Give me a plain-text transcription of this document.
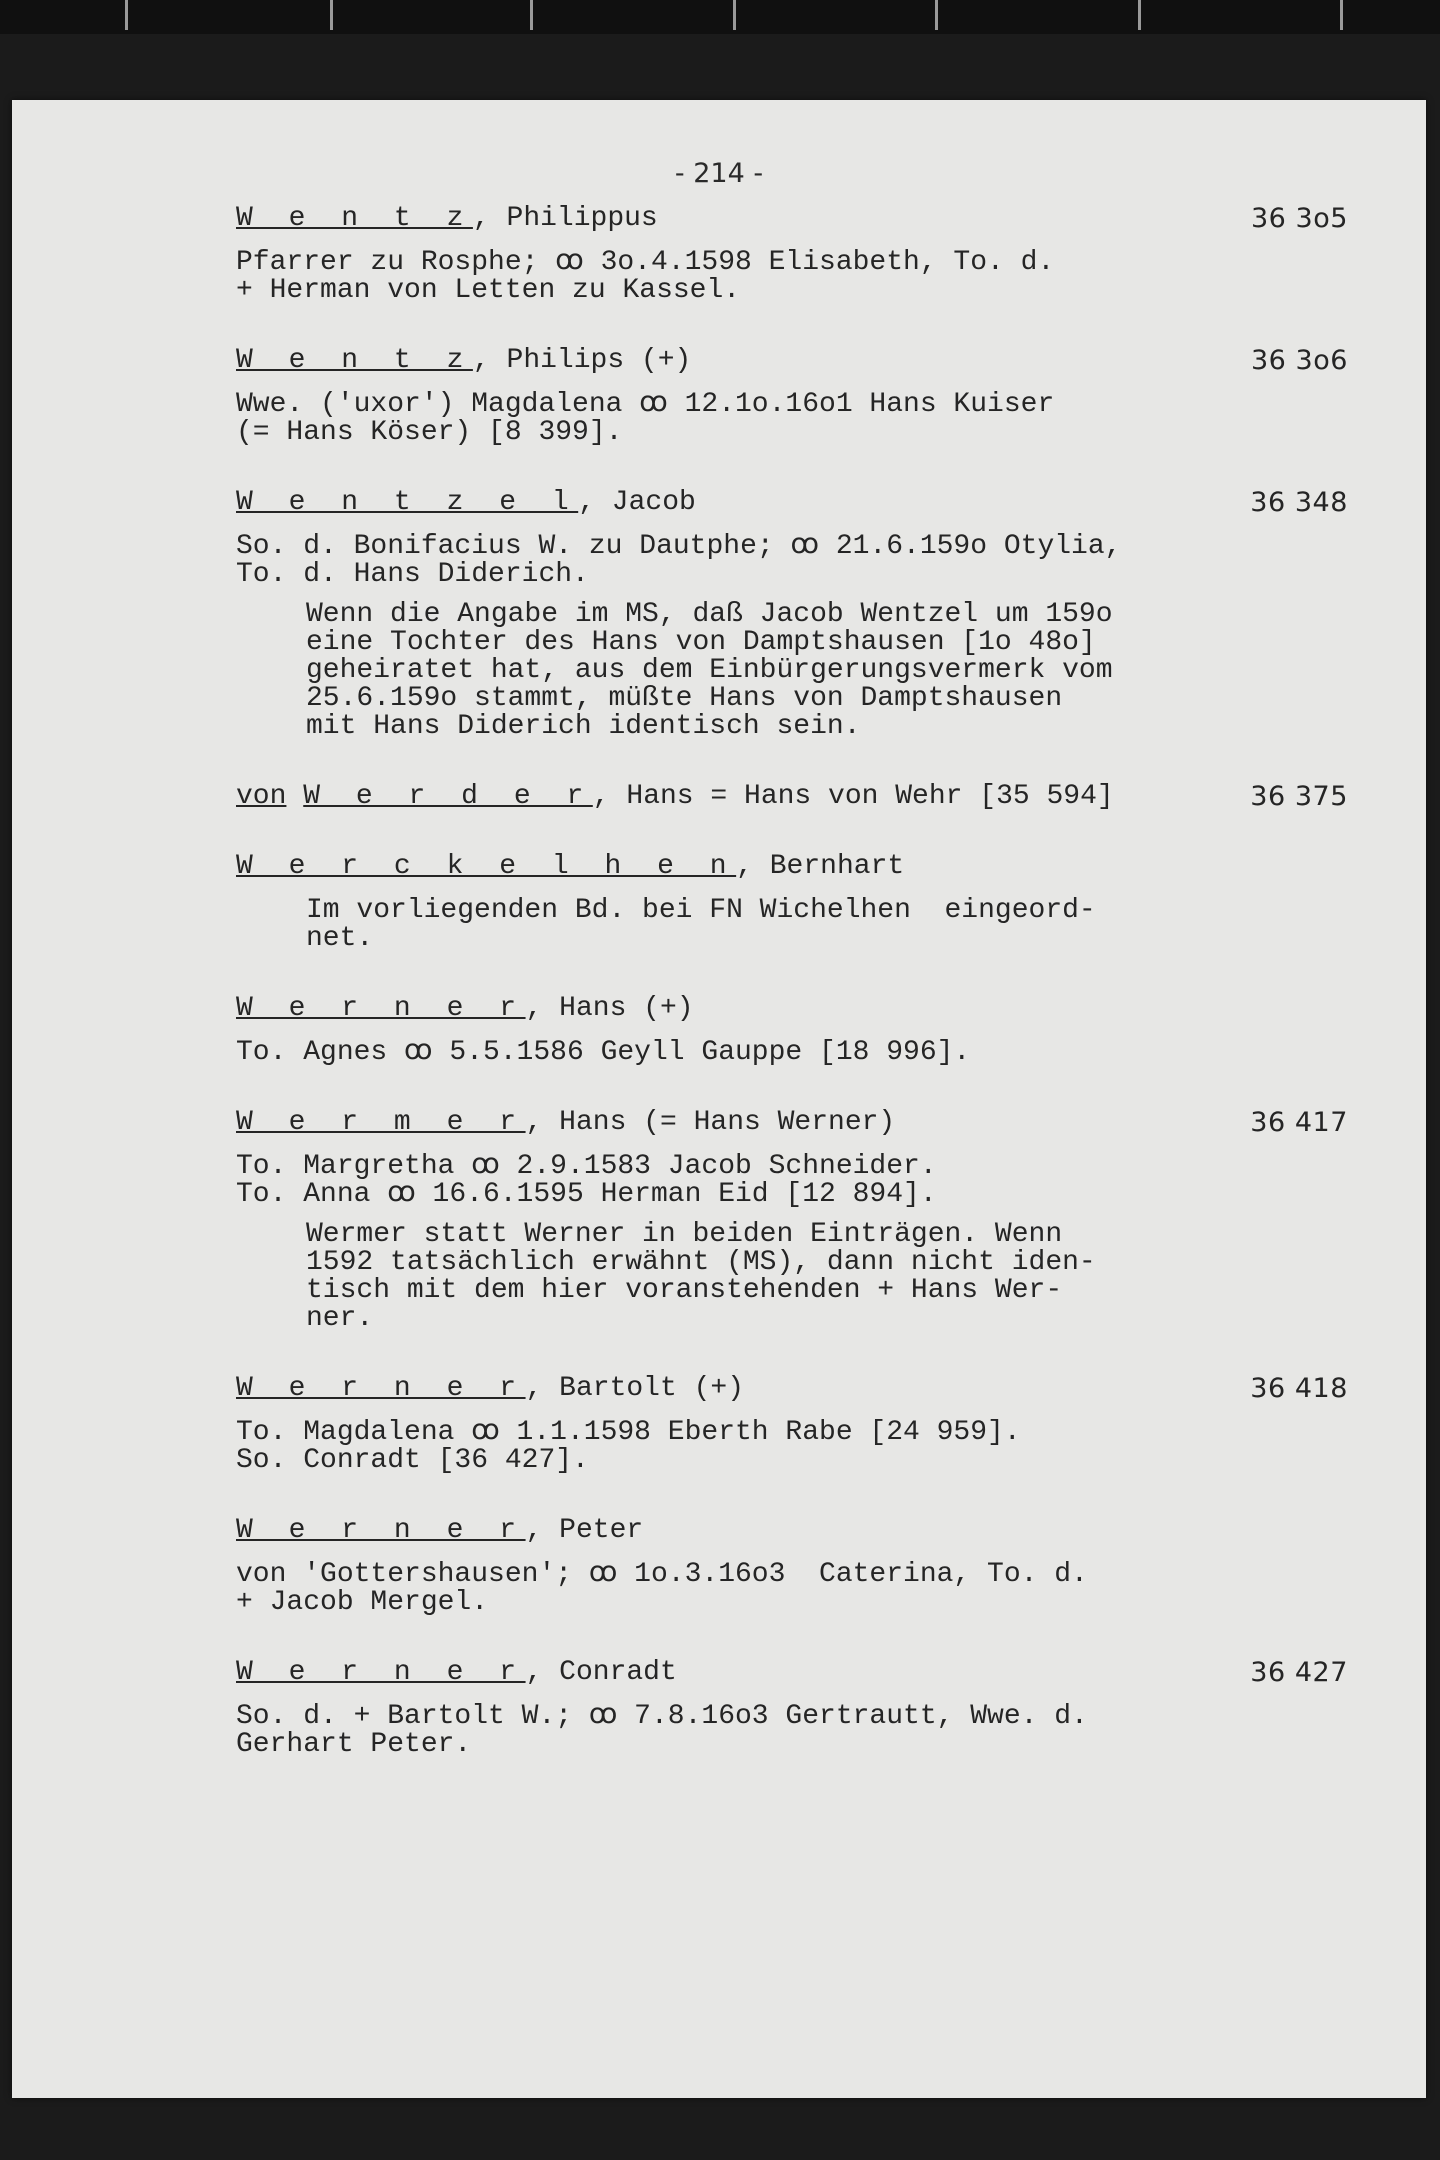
- 214 -
W e n t z, Philippus	36 3o5
Pfarrer zu Rosphe; ꝏ 3o.4.1598 Elisabeth, To. d.
+ Herman von Letten zu Kassel.
W e n t z, Philips (+)	36 3o6
Wwe. ('uxor') Magdalena ꝏ 12.1o.16o1 Hans Kuiser
(= Hans Köser) [8 399].
W e n t z e l, Jacob	36 348
So. d. Bonifacius W. zu Dautphe; ꝏ 21.6.159o Otylia,
To. d. Hans Diderich.
Wenn die Angabe im MS, daß Jacob Wentzel um 159o
eine Tochter des Hans von Damptshausen [1o 48o]
geheiratet hat, aus dem Einbürgerungsvermerk vom
25.6.159o stammt, müßte Hans von Damptshausen
mit Hans Diderich identisch sein.
von W e r d e r, Hans = Hans von Wehr [35 594]	36 375
W e r c k e l h e n, Bernhart
Im vorliegenden Bd. bei FN Wichelhen  eingeord-
net.
W e r n e r, Hans (+)
To. Agnes ꝏ 5.5.1586 Geyll Gauppe [18 996].
W e r m e r, Hans (= Hans Werner)	36 417
To. Margretha ꝏ 2.9.1583 Jacob Schneider.
To. Anna ꝏ 16.6.1595 Herman Eid [12 894].
Wermer statt Werner in beiden Einträgen. Wenn
1592 tatsächlich erwähnt (MS), dann nicht iden-
tisch mit dem hier voranstehenden + Hans Wer-
ner.
W e r n e r, Bartolt (+)	36 418
To. Magdalena ꝏ 1.1.1598 Eberth Rabe [24 959].
So. Conradt [36 427].
W e r n e r, Peter
von 'Gottershausen'; ꝏ 1o.3.16o3  Caterina, To. d.
+ Jacob Mergel.
W e r n e r, Conradt	36 427
So. d. + Bartolt W.; ꝏ 7.8.16o3 Gertrautt, Wwe. d.
Gerhart Peter.
